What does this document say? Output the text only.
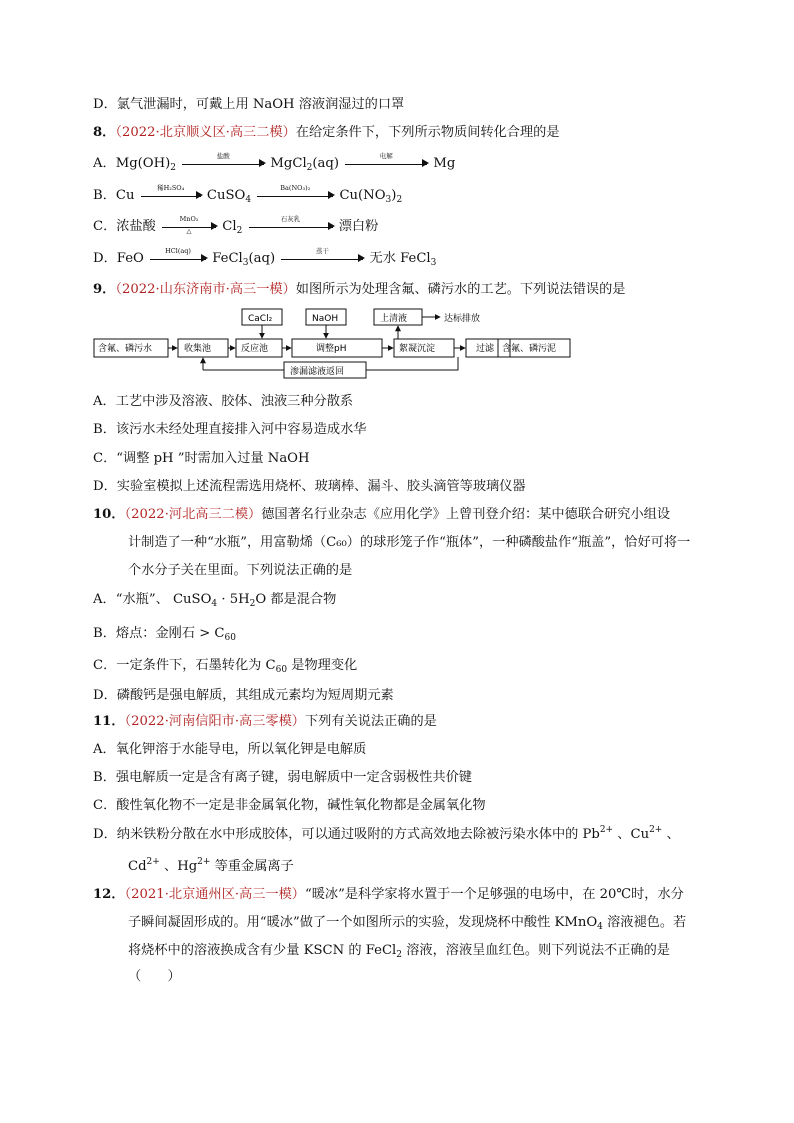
D．氯气泄漏时，可戴上用 NaOH 溶液润湿过的口罩
8．（2022·北京顺义区·高三二模）在给定条件下，下列所示物质间转化合理的是
A．$Mg(OH)_2$
盐酸
MgCl$_2$(aq)
电解
Mg
B．Cu
稀H₂SO₄
CuSO$_4$
Ba(NO₃)₂
$Cu(NO_3)_2$
C．浓盐酸
MnO₂
△	$Cl_2$
石灰乳
漂白粉
D．FeO
HCl(aq)
FeCl$_3$(aq)
蒸干
无水 FeCl$_3$
9．（2022·山东济南市·高三一模）如图所示为处理含氟、磷污水的工艺。下列说法错误的是
含氟、磷污水	收集池	反应池	调整pH	絮凝沉淀	过滤 含氟、磷污泥
CaCl₂	NaOH	上清液	达标排放
渗漏滤液返回
A．工艺中涉及溶液、胶体、浊液三种分散系
B．该污水未经处理直接排入河中容易造成水华
C．“调整 pH ”时需加入过量 NaOH
D．实验室模拟上述流程需选用烧杯、玻璃棒、漏斗、胶头滴管等玻璃仪器
10．（2022·河北高三二模）德国著名行业杂志《应用化学》上曾刊登介绍：某中德联合研究小组设
计制造了一种“水瓶”，用富勒烯（C₆₀）的球形笼子作“瓶体”，一种磷酸盐作“瓶盖”，恰好可将一
个水分子关在里面。下列说法正确的是
A．“水瓶”、 CuSO$_4$ · $5H_2O$ 都是混合物
B．熔点：金刚石 > $C_{60}$
C．一定条件下，石墨转化为 $C_{60}$ 是物理变化
D．磷酸钙是强电解质，其组成元素均为短周期元素
11．（2022·河南信阳市·高三零模）下列有关说法正确的是
A．氧化钾溶于水能导电，所以氧化钾是电解质
B．强电解质一定是含有离子键，弱电解质中一定含弱极性共价键
C．酸性氧化物不一定是非金属氧化物，碱性氧化物都是金属氧化物
D．纳米铁粉分散在水中形成胶体，可以通过吸附的方式高效地去除被污染水体中的 $Pb^{2+}$ 、$Cu^{2+}$ 、
$Cd^{2+}$ 、$Hg^{2+}$ 等重金属离子
12．（2021·北京通州区·高三一模）“暖冰”是科学家将水置于一个足够强的电场中，在 20℃时，水分
子瞬间凝固形成的。用“暖冰”做了一个如图所示的实验，发现烧杯中酸性 KMnO$_4$ 溶液褪色。若
将烧杯中的溶液换成含有少量 KSCN 的 FeCl$_2$ 溶液，溶液呈血红色。则下列说法不正确的是
（　　）
